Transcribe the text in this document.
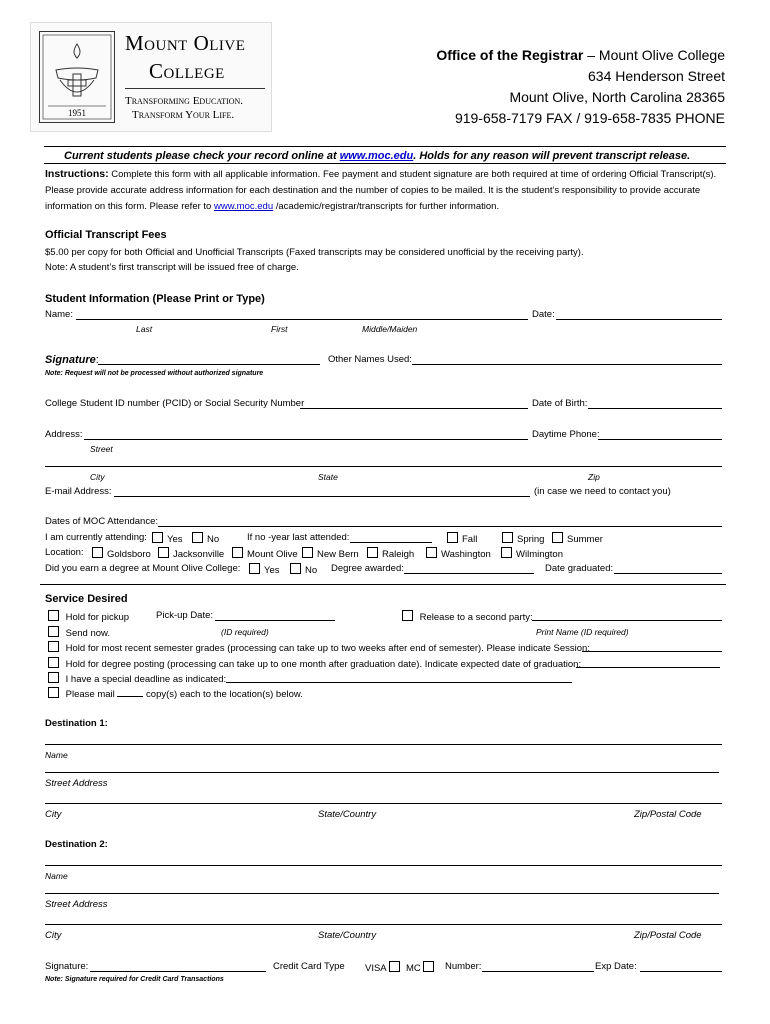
1951
Mount Olive
College
Transforming Education.
Transform Your Life.
Office of the Registrar – Mount Olive College
634 Henderson Street
Mount Olive, North Carolina 28365
919-658-7179 FAX / 919-658-7835 PHONE
Current students please check your record online at www.moc.edu. Holds for any reason will prevent transcript release.
Instructions: Complete this form with all applicable information. Fee payment and student signature are both required at time of ordering Official Transcript(s).
Please provide accurate address information for each destination and the number of copies to be mailed. It is the student’s responsibility to provide accurate
information on this form. Please refer to www.moc.edu /academic/registrar/transcripts for further information.
Official Transcript Fees
$5.00 per copy for both Official and Unofficial Transcripts (Faxed transcripts may be considered unofficial by the receiving party).
Note: A student’s first transcript will be issued free of charge.
Student Information (Please Print or Type)
Name:	Date:
Last	First	Middle/Maiden
Signature:	Other Names Used:
Note: Request will not be processed without authorized signature
College Student ID number (PCID) or Social Security Number	Date of Birth:
Address:	Daytime Phone:
Street
City	State	Zip
E-mail Address:	(in case we need to contact you)
Dates of MOC Attendance:
I am currently attending:	Yes	No	If no -year last attended:	Fall	Spring	Summer
Location:	Goldsboro	Jacksonville	Mount Olive	New Bern	Raleigh	Washington	Wilmington
Did you earn a degree at Mount Olive College:	Yes	No Degree awarded:	Date graduated:
Service Desired
Hold for pickup	Pick-up Date:	Release to a second party:
Send now.	(ID required)	Print Name (ID required)
Hold for most recent semester grades (processing can take up to two weeks after end of semester). Please indicate Session:
Hold for degree posting (processing can take up to one month after graduation date). Indicate expected date of graduation:
I have a special deadline as indicated:
Please mail	copy(s) each to the location(s) below.
Destination 1:
Name
Street Address
City	State/Country	Zip/Postal Code
Destination 2:
Name
Street Address
City	State/Country	Zip/Postal Code
Signature:	Credit Card Type VISA	MC	Number:	Exp Date:
Note: Signature required for Credit Card Transactions
